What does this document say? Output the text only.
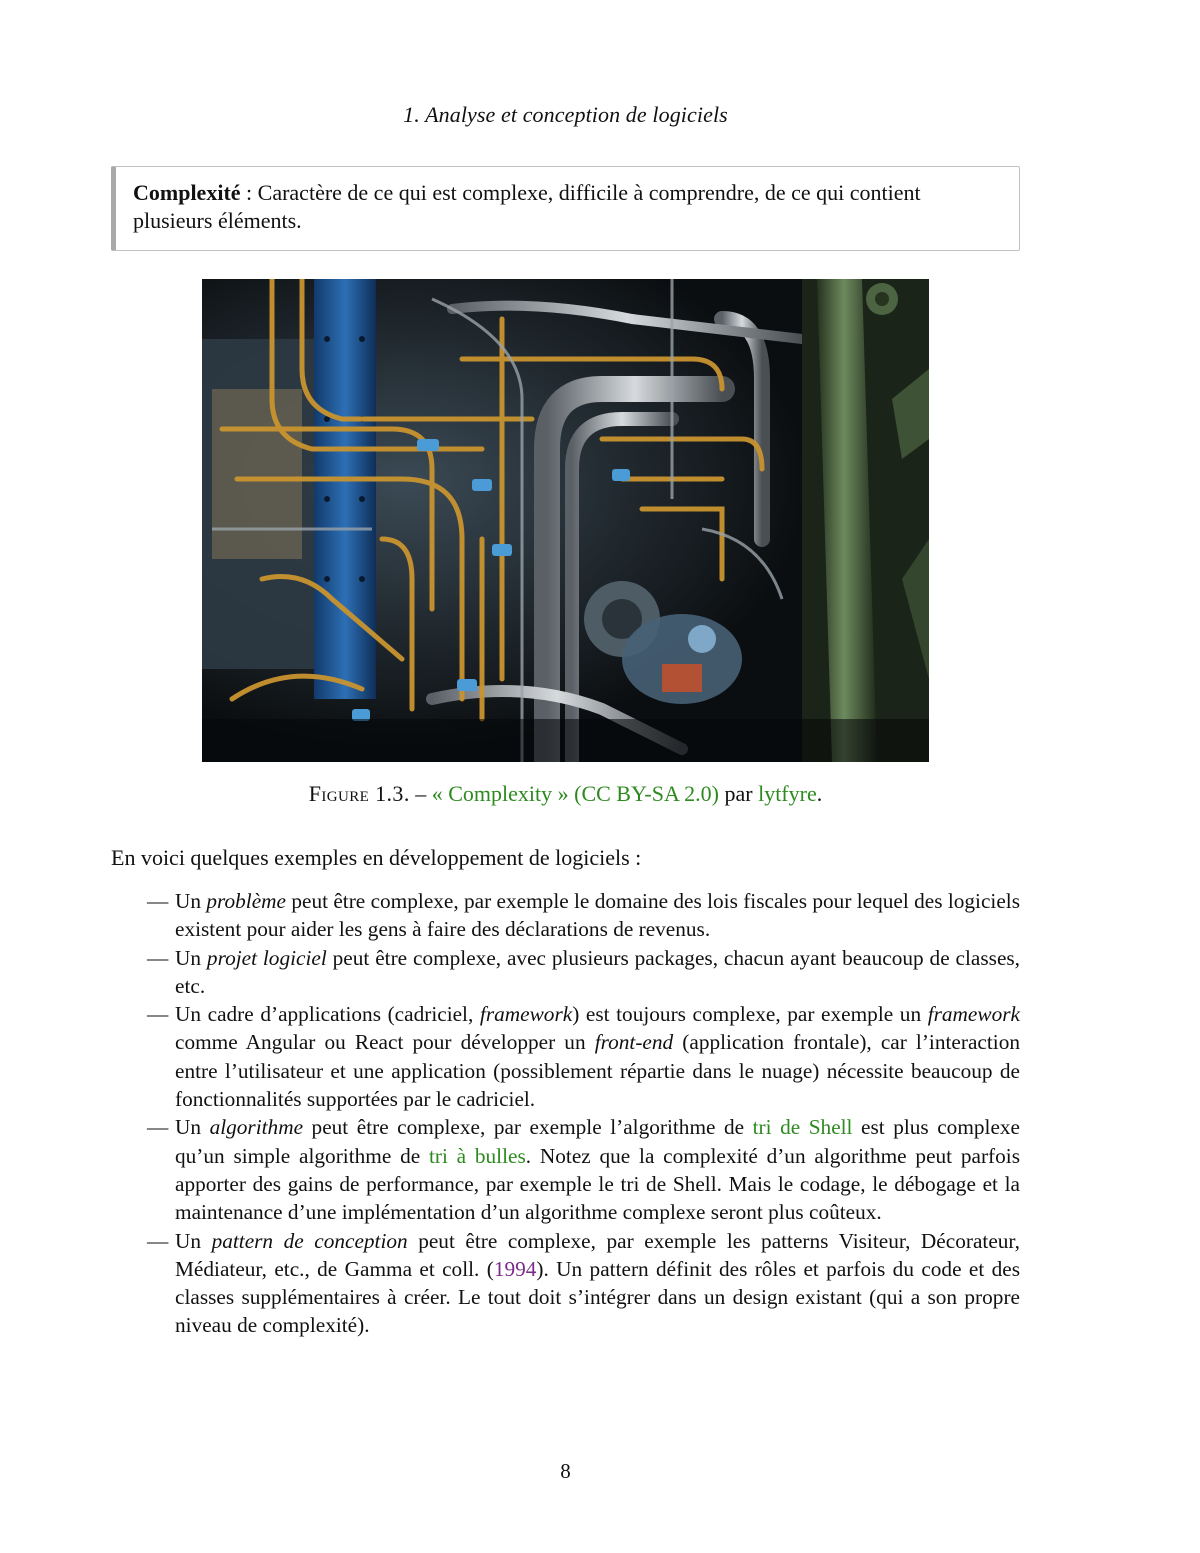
1. Analyse et conception de logiciels
Complexité : Caractère de ce qui est complexe, difficile à comprendre, de ce qui contient plusieurs éléments.
Figure 1.3. – « Complexity » (CC BY-SA 2.0) par lytfyre.
En voici quelques exemples en développement de logiciels :
— Un problème peut être complexe, par exemple le domaine des lois fiscales pour lequel des logiciels existent pour aider les gens à faire des déclarations de revenus.
— Un projet logiciel peut être complexe, avec plusieurs packages, chacun ayant beaucoup de classes, etc.
— Un cadre d’applications (cadriciel, framework) est toujours complexe, par exemple un framework comme Angular ou React pour développer un front-end (application frontale), car l’interaction entre l’utilisateur et une application (possiblement répartie dans le nuage) nécessite beaucoup de fonctionnalités supportées par le cadriciel.
— Un algorithme peut être complexe, par exemple l’algorithme de tri de Shell est plus complexe qu’un simple algorithme de tri à bulles. Notez que la complexité d’un algorithme peut parfois apporter des gains de performance, par exemple le tri de Shell. Mais le codage, le débogage et la maintenance d’une implémentation d’un algorithme complexe seront plus coûteux.
— Un pattern de conception peut être complexe, par exemple les patterns Visiteur, Décorateur, Médiateur, etc., de Gamma et coll. (1994). Un pattern définit des rôles et parfois du code et des classes supplémentaires à créer. Le tout doit s’intégrer dans un design existant (qui a son propre niveau de complexité).
8
